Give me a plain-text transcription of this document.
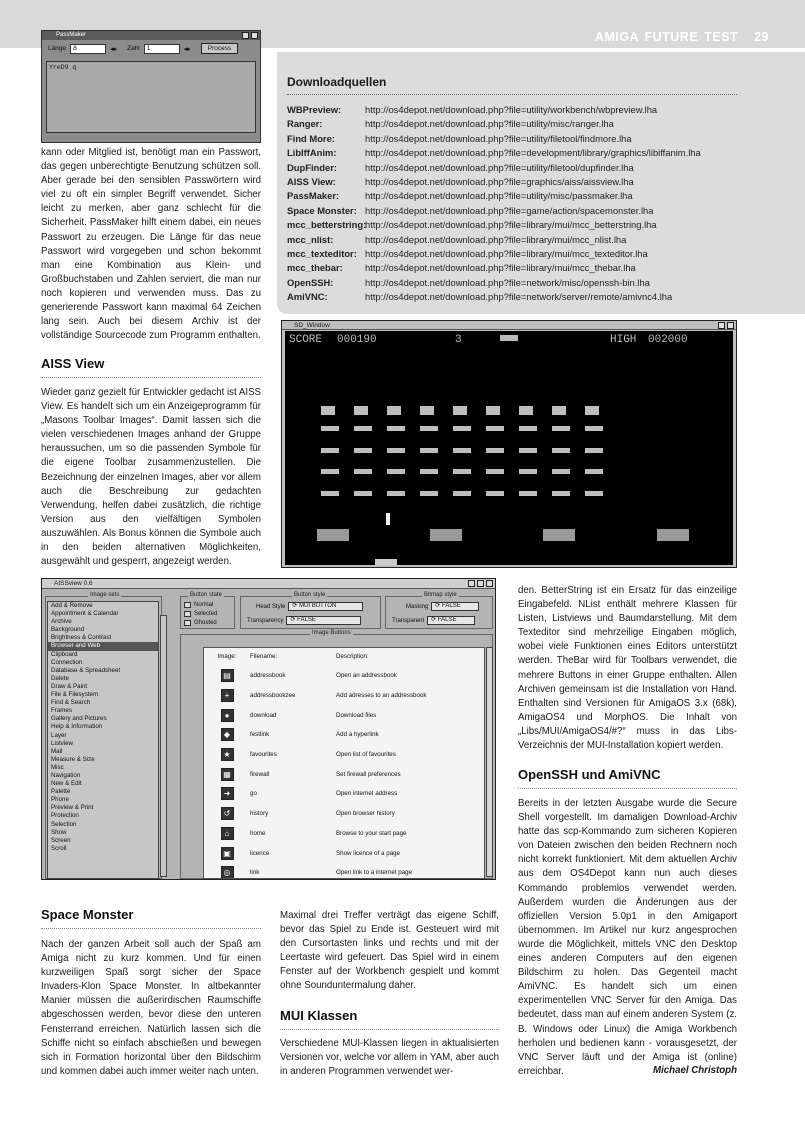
AMIGA FUTURE TEST 29
PassMaker
Länge	8	◂▸ Zahl	1	◂▸	Process
YreD9 q
kann oder Mitglied ist, benötigt man ein Passwort, das gegen unberechtigte Benutzung schützen soll. Aber gerade bei den sensiblen Passwörtern wird viel zu oft ein simpler Begriff verwendet. Sicher leicht zu merken, aber ganz schlecht für die Sicherheit. PassMaker hilft einem dabei, ein neues Passwort zu erzeugen. Die Länge für das neue Passwort wird vorgegeben und schon bekommt man eine Kombination aus Klein- und Großbuchstaben und Zahlen serviert, die man nur noch kopieren und verwenden muss. Das zu generierende Passwort kann maximal 64 Zeichen lang sein. Auch bei diesem Archiv ist der vollständige Sourcecode zum Programm enthalten.
AISS View
Wieder ganz gezielt für Entwickler gedacht ist AISS View. Es handelt sich um ein Anzeigeprogramm für „Masons Toolbar Images“. Damit lassen sich die vielen verschiedenen Images anhand der Gruppe heraussuchen, um so die passenden Symbole für die eigene Toolbar zusammenzustellen. Die Bezeichnung der einzelnen Images, aber vor allem auch die Beschreibung zur gedachten Verwendung, helfen dabei zusätzlich, die richtige Version aus den vielfältigen Symbolen auszuwählen. Als Bonus können die Symbole auch in den beiden alternativen Möglichkeiten, ausgewählt und gesperrt, angezeigt werden.
Downloadquellen
WBPreview:	http://os4depot.net/download.php?file=utility/workbench/wbpreview.lha
Ranger:	http://os4depot.net/download.php?file=utility/misc/ranger.lha
Find More:	http://os4depot.net/download.php?file=utility/filetool/findmore.lha
LibIffAnim:	http://os4depot.net/download.php?file=development/library/graphics/libiffanim.lha
DupFinder:	http://os4depot.net/download.php?file=utility/filetool/dupfinder.lha
AISS View:	http://os4depot.net/download.php?file=graphics/aiss/aissview.lha
PassMaker:	http://os4depot.net/download.php?file=utility/misc/passmaker.lha
Space Monster: http://os4depot.net/download.php?file=game/action/spacemonster.lha
mcc_betterstring:
http://os4depot.net/download.php?file=library/mui/mcc_betterstring.lha
mcc_nlist:	http://os4depot.net/download.php?file=library/mui/mcc_nlist.lha
mcc_texteditor: http://os4depot.net/download.php?file=library/mui/mcc_texteditor.lha
mcc_thebar:	http://os4depot.net/download.php?file=library/mui/mcc_thebar.lha
OpenSSH:	http://os4depot.net/download.php?file=network/misc/openssh-bin.lha
AmiVNC:	http://os4depot.net/download.php?file=network/server/remote/amivnc4.lha
SD_Window
SCORE 000190	3	HIGH 002000
AISSview 0.6
Image sets
Add & Remove
Appointment & Calendar
Archive
Background
Brightness & Contrast
Browser and Web
Clipboard
Connection
Database & Spreadsheet
Delete
Draw & Paint
File & Filesystem
Find & Search
Frames
Gallery and Pictures
Help & Information
Layer
Listview
Mail
Measure & Size
Misc
Navigation
New & Edit
Palette
Phone
Preview & Print
Protection
Selection
Show
Screen
Scroll
Button state
Normal
Selected
Ghosted
Button style
Head Style	⟳ MUI BUTTON
Transparency	⟳ FALSE
Bitmap style
Masking	⟳ FALSE
Transparent	⟳ FALSE
Image Buttons
Image:	Filename:	Description:
▤	addressbook	Open an addressbook
+	addressbookzee	Add adresses to an addressbook
●	download	Download files
◆	festlink	Add a hyperlink
★	favourites	Open list of favourites
▦	firewall	Set firewall preferences
➜	go	Open internet address
↺	history	Open browser history
⌂	home	Browse to your start page
▣	licence	Show licence of a page
◎	link	Open link to a internet page
den. BetterString ist ein Ersatz für das einzeilige Eingabefeld. NList enthält mehrere Klassen für Listen, Listviews und Baumdarstellung. Mit dem Texteditor sind mehrzeilige Eingaben möglich, wobei viele Funktionen eines Editors unterstützt werden. TheBar wird für Toolbars verwendet, die mehrere Buttons in einer Gruppe enthalten. Allen Archiven gemeinsam ist die Installation von Hand. Enthalten sind Versionen für AmigaOS 3.x (68k), AmigaOS4 und MorphOS. Die Inhalt von „Libs/MUI/AmigaOS4/#?“ muss in das Libs-Verzeichnis der MUI-Installation kopiert werden.
OpenSSH und AmiVNC
Bereits in der letzten Ausgabe wurde die Secure Shell vorgestellt. Im damaligen Download-Archiv hatte das scp-Kommando zum sicheren Kopieren von Dateien zwischen den beiden Rechnern noch nicht korrekt funktioniert. Mit dem aktuellen Archiv aus dem OS4Depot kann nun auch dieses Kommando problemlos verwendet werden. Außerdem wurden die Änderungen aus der offiziellen Version 5.0p1 in den Amigaport übernommen. Im Artikel nur kurz angesprochen wurde die Möglichkeit, mittels VNC den Desktop eines anderen Computers auf den eigenen Bildschirm zu holen. Das Gegenteil macht AmiVNC. Es handelt sich um einen experimentellen VNC Server für den Amiga. Das bedeutet, dass man auf einem anderen System (z. B. Windows oder Linux) die Amiga Workbench herholen und bedienen kann - vorausgesetzt, der VNC Server läuft und der Amiga ist (online) erreichbar.	Michael Christoph
Space Monster
Nach der ganzen Arbeit soll auch der Spaß am Amiga nicht zu kurz kommen. Und für einen kurzweiligen Spaß sorgt sicher der Space Invaders-Klon Space Monster. In altbekannter Manier müssen die außerirdischen Raumschiffe abgeschossen werden, bevor diese den unteren Fensterrand erreichen. Natürlich lassen sich die Schiffe nicht so einfach abschießen und bewegen sich in Formation horizontal über den Bildschirm und kommen dabei auch immer weiter nach unten.
Maximal drei Treffer verträgt das eigene Schiff, bevor das Spiel zu Ende ist. Gesteuert wird mit den Cursortasten links und rechts und mit der Leertaste wird gefeuert. Das Spiel wird in einem Fenster auf der Workbench gespielt und kommt ohne Sounduntermalung daher.
MUI Klassen
Verschiedene MUI-Klassen liegen in aktualisierten Versionen vor, welche vor allem in YAM, aber auch in anderen Programmen verwendet wer-
